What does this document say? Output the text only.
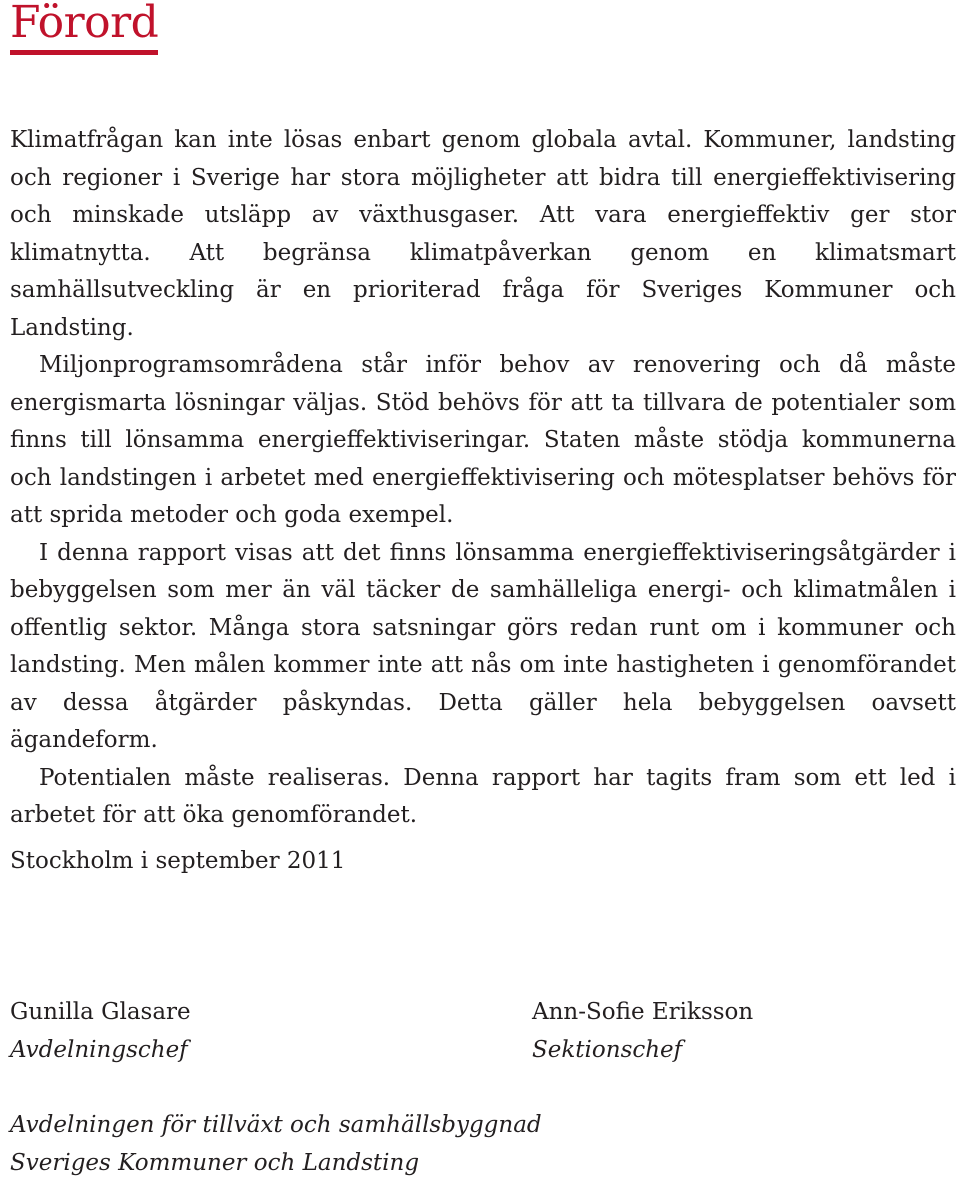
Förord

Klimatfrågan kan inte lösas enbart genom globala avtal. Kommuner, landsting och regioner i Sverige har stora möjligheter att bidra till energieffektivisering och minskade utsläpp av växthusgaser. Att vara energieffektiv ger stor klimatnytta. Att begränsa klimatpåverkan genom en klimatsmart samhällsutveckling är en prioriterad fråga för Sveriges Kommuner och Landsting.

Miljonprogramsområdena står inför behov av renovering och då måste energismarta lösningar väljas. Stöd behövs för att ta tillvara de potentialer som finns till lönsamma energieffektiviseringar. Staten måste stödja kommunerna och landstingen i arbetet med energieffektivisering och mötesplatser behövs för att sprida metoder och goda exempel.

I denna rapport visas att det finns lönsamma energieffektiviseringsåtgärder i bebyggelsen som mer än väl täcker de samhälleliga energi- och klimatmålen i offentlig sektor. Många stora satsningar görs redan runt om i kommuner och landsting. Men målen kommer inte att nås om inte hastigheten i genomförandet av dessa åtgärder påskyndas. Detta gäller hela bebyggelsen oavsett ägandeform.

Potentialen måste realiseras. Denna rapport har tagits fram som ett led i arbetet för att öka genomförandet.

Stockholm i september 2011

Gunilla Glasare
Avdelningschef
Ann-Sofie Eriksson
Sektionschef
Avdelningen för tillväxt och samhällsbyggnad
Sveriges Kommuner och Landsting
